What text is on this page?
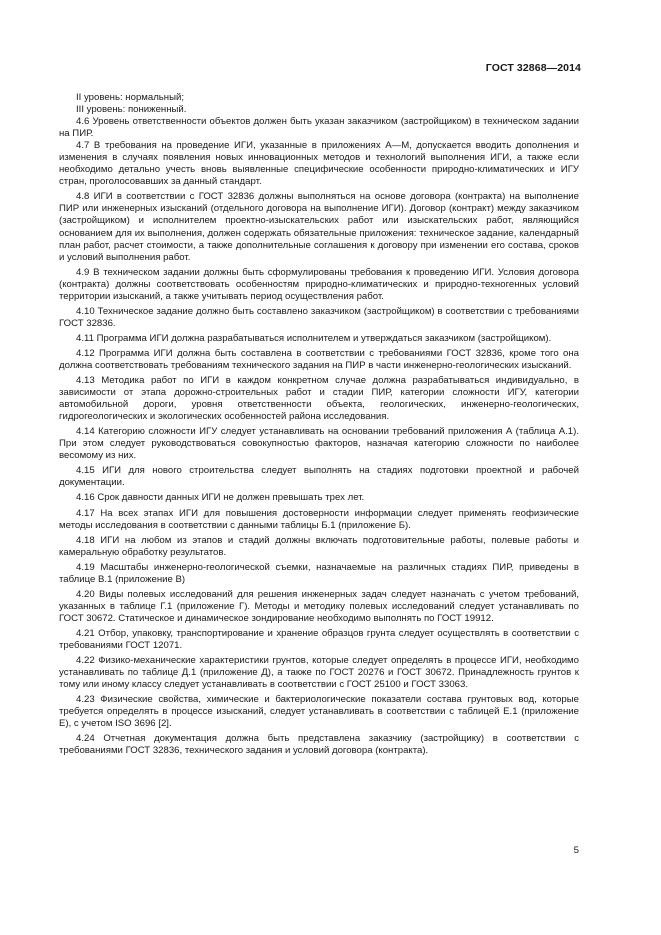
ГОСТ 32868—2014

II уровень: нормальный;

III уровень: пониженный.

4.6 Уровень ответственности объектов должен быть указан заказчиком (застройщиком) в техническом задании на ПИР.

4.7 В требования на проведение ИГИ, указанные в приложениях А—М, допускается вводить дополнения и изменения в случаях появления новых инновационных методов и технологий выполнения ИГИ, а также если необходимо детально учесть вновь выявленные специфические особенности природно-климатических и ИГУ стран, проголосовавших за данный стандарт.

4.8 ИГИ в соответствии с ГОСТ 32836 должны выполняться на основе договора (контракта) на выполнение ПИР или инженерных изысканий (отдельного договора на выполнение ИГИ). Договор (контракт) между заказчиком (застройщиком) и исполнителем проектно-изыскательских работ или изыскательских работ, являющийся основанием для их выполнения, должен содержать обязательные приложения: техническое задание, календарный план работ, расчет стоимости, а также дополнительные соглашения к договору при изменении его состава, сроков и условий выполнения работ.

4.9 В техническом задании должны быть сформулированы требования к проведению ИГИ. Условия договора (контракта) должны соответствовать особенностям природно-климатических и природно-техногенных условий территории изысканий, а также учитывать период осуществления работ.

4.10 Техническое задание должно быть составлено заказчиком (застройщиком) в соответствии с требованиями ГОСТ 32836.

4.11 Программа ИГИ должна разрабатываться исполнителем и утверждаться заказчиком (застройщиком).

4.12 Программа ИГИ должна быть составлена в соответствии с требованиями ГОСТ 32836, кроме того она должна соответствовать требованиям технического задания на ПИР в части инженерно-геологических изысканий.

4.13 Методика работ по ИГИ в каждом конкретном случае должна разрабатываться индивидуально, в зависимости от этапа дорожно-строительных работ и стадии ПИР, категории сложности ИГУ, категории автомобильной дороги, уровня ответственности объекта, геологических, инженерно-геологических, гидрогеологических и экологических особенностей района исследования.

4.14 Категорию сложности ИГУ следует устанавливать на основании требований приложения А (таблица А.1). При этом следует руководствоваться совокупностью факторов, назначая категорию сложности по наиболее весомому из них.

4.15 ИГИ для нового строительства следует выполнять на стадиях подготовки проектной и рабочей документации.

4.16 Срок давности данных ИГИ не должен превышать трех лет.

4.17 На всех этапах ИГИ для повышения достоверности информации следует применять геофизические методы исследования в соответствии с данными таблицы Б.1 (приложение Б).

4.18 ИГИ на любом из этапов и стадий должны включать подготовительные работы, полевые работы и камеральную обработку результатов.

4.19 Масштабы инженерно-геологической съемки, назначаемые на различных стадиях ПИР, приведены в таблице В.1 (приложение В)

4.20 Виды полевых исследований для решения инженерных задач следует назначать с учетом требований, указанных в таблице Г.1 (приложение Г). Методы и методику полевых исследований следует устанавливать по ГОСТ 30672. Статическое и динамическое зондирование необходимо выполнять по ГОСТ 19912.

4.21 Отбор, упаковку, транспортирование и хранение образцов грунта следует осуществлять в соответствии с требованиями ГОСТ 12071.

4.22 Физико-механические характеристики грунтов, которые следует определять в процессе ИГИ, необходимо устанавливать по таблице Д.1 (приложение Д), а также по ГОСТ 20276 и ГОСТ 30672. Принадлежность грунтов к тому или иному классу следует устанавливать в соответствии с ГОСТ 25100 и ГОСТ 33063.

4.23 Физические свойства, химические и бактериологические показатели состава грунтовых вод, которые требуется определять в процессе изысканий, следует устанавливать в соответствии с таблицей Е.1 (приложение Е), с учетом ISO 3696 [2].

4.24 Отчетная документация должна быть представлена заказчику (застройщику) в соответствии с требованиями ГОСТ 32836, технического задания и условий договора (контракта).

5
